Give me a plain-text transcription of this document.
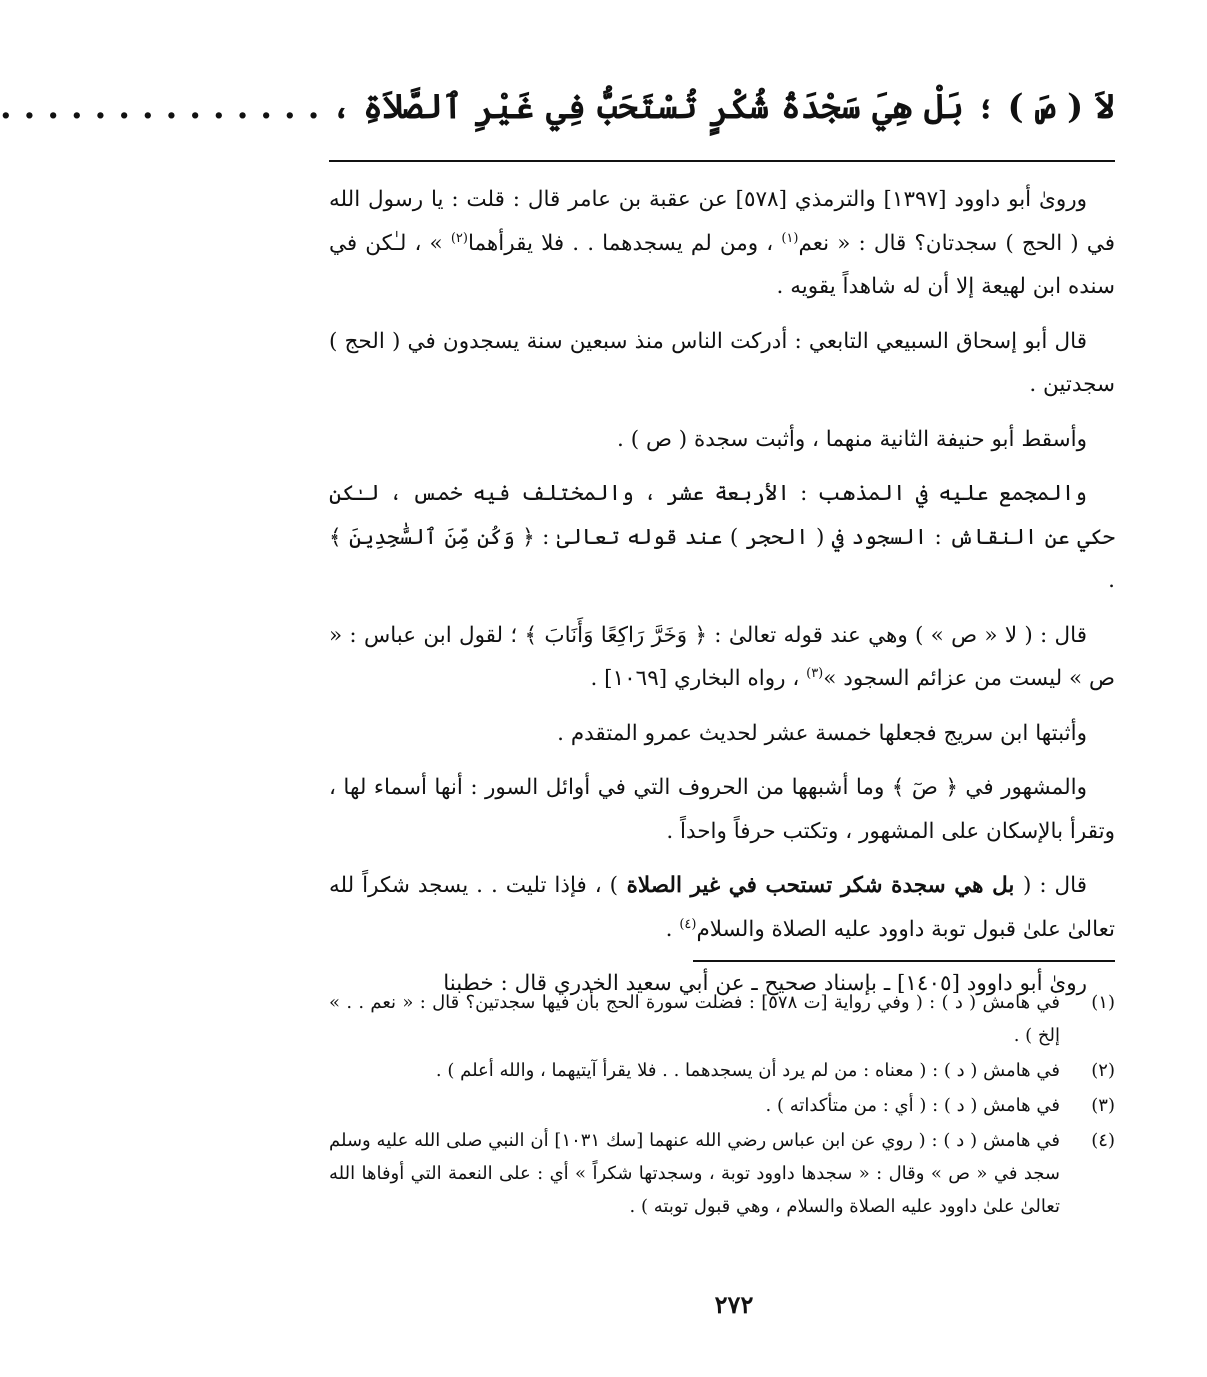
لاَ ( صَ ) ؛ بَلْ هِيَ سَجْدَةُ شُكْرٍ تُسْتَحَبُّ فِي غَيْرِ ٱلصَّلاَةِ ، . . . . . . . . . . . . . .

ورویٰ أبو داوود [١٣٩٧] والترمذي [٥٧٨] عن عقبة بن عامر قال : قلت : يا رسول الله في ( الحج ) سجدتان؟ قال : « نعم$^{(١)}$ ، ومن لم يسجدهما . . فلا يقرأهما$^{(٢)}$ » ، لـٰكن في سنده ابن لهيعة إلا أن له شاهداً يقويه .

قال أبو إسحاق السبيعي التابعي : أدركت الناس منذ سبعين سنة يسجدون في ( الحج ) سجدتين .

وأسقط أبو حنيفة الثانية منهما ، وأثبت سجدة ( ص ) .

والمجمع عليه في المذهب : الأربعة عشر ، والمختلف فيه خمس ، لـٰكن حكي عن النقاش : السجود في ( الحجر ) عند قوله تعالىٰ : ﴿ وَكُن مِّنَ ٱلسَّٰجِدِينَ ﴾ .

قال : ( لا « ص » ) وهي عند قوله تعالىٰ : ﴿ وَخَرَّ رَاكِعًا وَأَنَابَ ﴾ ؛ لقول ابن عباس : « ص » ليست من عزائم السجود »$^{(٣)}$ ، رواه البخاري [١٠٦٩] .

وأثبتها ابن سريج فجعلها خمسة عشر لحديث عمرو المتقدم .

والمشهور في ﴿ صٓ ﴾ وما أشبهها من الحروف التي في أوائل السور : أنها أسماء لها ، وتقرأ بالإسكان على المشهور ، وتكتب حرفاً واحداً .

قال : ( بل هي سجدة شكر تستحب في غير الصلاة ) ، فإذا تليت . . يسجد شكراً لله تعالىٰ علىٰ قبول توبة داوود عليه الصلاة والسلام$^{(٤)}$ .

رویٰ أبو داوود [١٤٠٥] ـ بإسناد صحيح ـ عن أبي سعيد الخدري قال : خطبنا

(١)
في هامش ( د ) : ( وفي رواية [ت ٥٧٨] : فضلت سورة الحج بأن فيها سجدتين؟ قال : « نعم . . » إلخ ) .
(٢)
في هامش ( د ) : ( معناه : من لم يرد أن يسجدهما . . فلا يقرأ آيتيهما ، والله أعلم ) .
(٣)
في هامش ( د ) : ( أي : من متأكداته ) .
(٤)
في هامش ( د ) : ( روي عن ابن عباس رضي الله عنهما [سك ١٠٣١] أن النبي صلى الله عليه وسلم سجد في « ص » وقال : « سجدها داوود توبة ، وسجدتها شكراً » أي : على النعمة التي أوفاها الله تعالىٰ علىٰ داوود عليه الصلاة والسلام ، وهي قبول توبته ) .
٢٧٢
